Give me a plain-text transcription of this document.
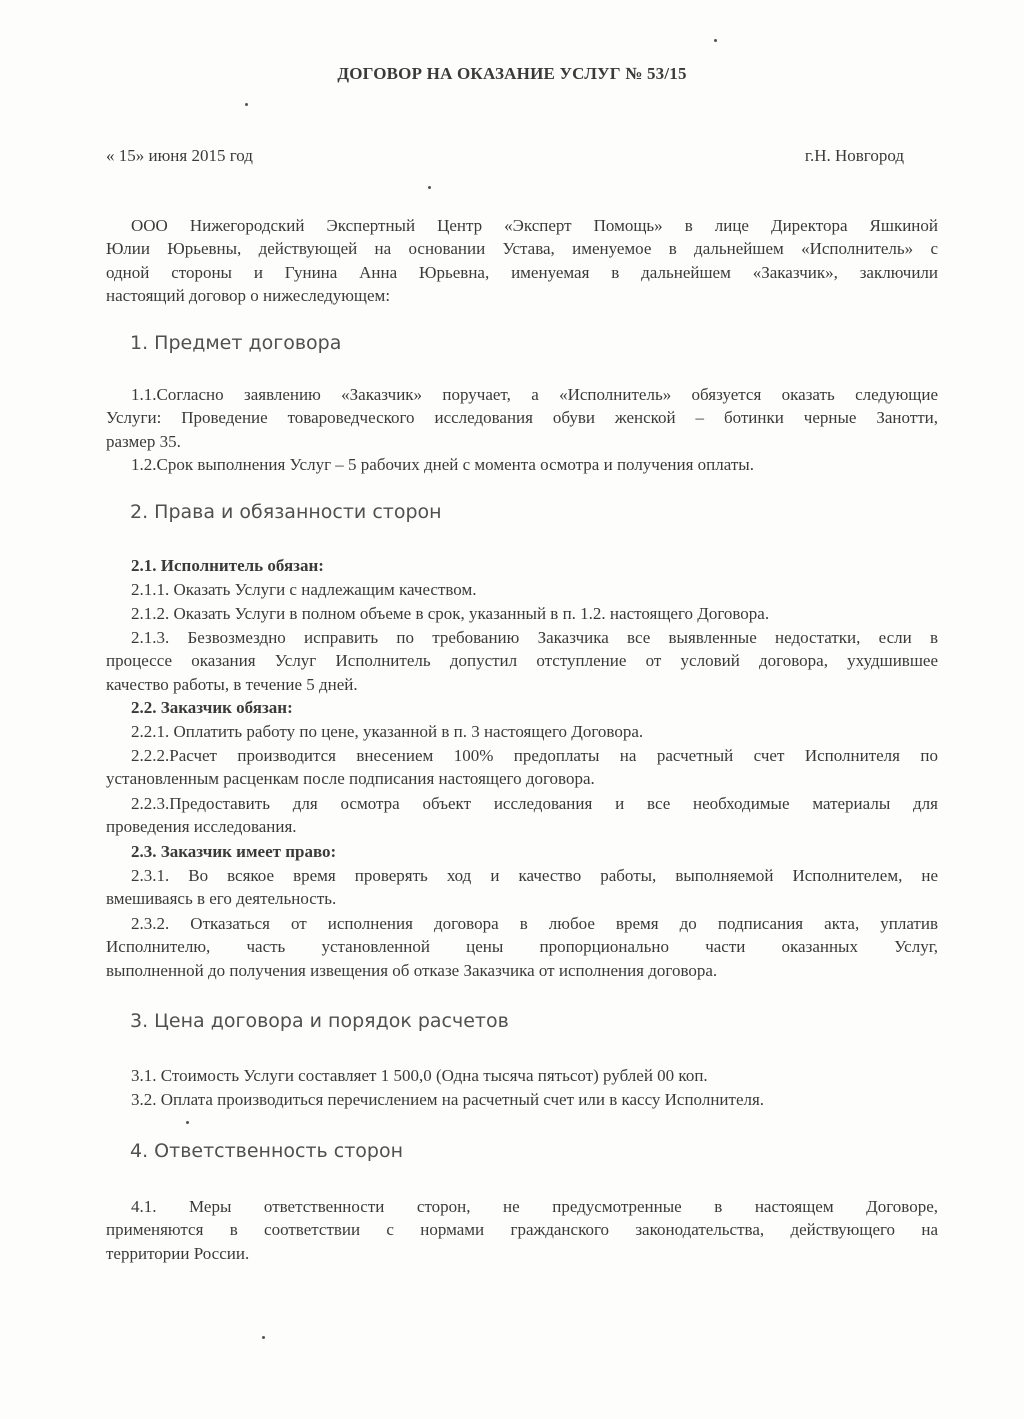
ДОГОВОР НА ОКАЗАНИЕ УСЛУГ № 53/15
« 15» июня 2015 год	г.Н. Новгород
ООО Нижегородский Экспертный Центр «Эксперт Помощь» в лице Директора Яшкиной
Юлии Юрьевны, действующей на основании Устава, именуемое в дальнейшем «Исполнитель» с
одной стороны и Гунина Анна Юрьевна, именуемая в дальнейшем «Заказчик», заключили
настоящий договор о нижеследующем:
1. Предмет договора
1.1.Согласно заявлению «Заказчик» поручает, а «Исполнитель» обязуется оказать следующие
Услуги: Проведение товароведческого исследования обуви женской – ботинки черные Занотти,
размер 35.
1.2.Срок выполнения Услуг – 5 рабочих дней с момента осмотра и получения оплаты.
2. Права и обязанности сторон
2.1. Исполнитель обязан:
2.1.1. Оказать Услуги с надлежащим качеством.
2.1.2. Оказать Услуги в полном объеме в срок, указанный в п. 1.2. настоящего Договора.
2.1.3. Безвозмездно исправить по требованию Заказчика все выявленные недостатки, если в
процессе оказания Услуг Исполнитель допустил отступление от условий договора, ухудшившее
качество работы, в течение 5 дней.
2.2. Заказчик обязан:
2.2.1. Оплатить работу по цене, указанной в п. 3 настоящего Договора.
2.2.2.Расчет производится внесением 100% предоплаты на расчетный счет Исполнителя по
установленным расценкам после подписания настоящего договора.
2.2.3.Предоставить для осмотра объект исследования и все необходимые материалы для
проведения исследования.
2.3. Заказчик имеет право:
2.3.1. Во всякое время проверять ход и качество работы, выполняемой Исполнителем, не
вмешиваясь в его деятельность.
2.3.2. Отказаться от исполнения договора в любое время до подписания акта, уплатив
Исполнителю, часть установленной цены пропорционально части оказанных Услуг,
выполненной до получения извещения об отказе Заказчика от исполнения договора.
3. Цена договора и порядок расчетов
3.1. Стоимость Услуги составляет 1 500,0 (Одна тысяча пятьсот) рублей 00 коп.
3.2. Оплата производиться перечислением на расчетный счет или в кассу Исполнителя.
4. Ответственность сторон
4.1. Меры ответственности сторон, не предусмотренные в настоящем Договоре,
применяются в соответствии с нормами гражданского законодательства, действующего на
территории России.
